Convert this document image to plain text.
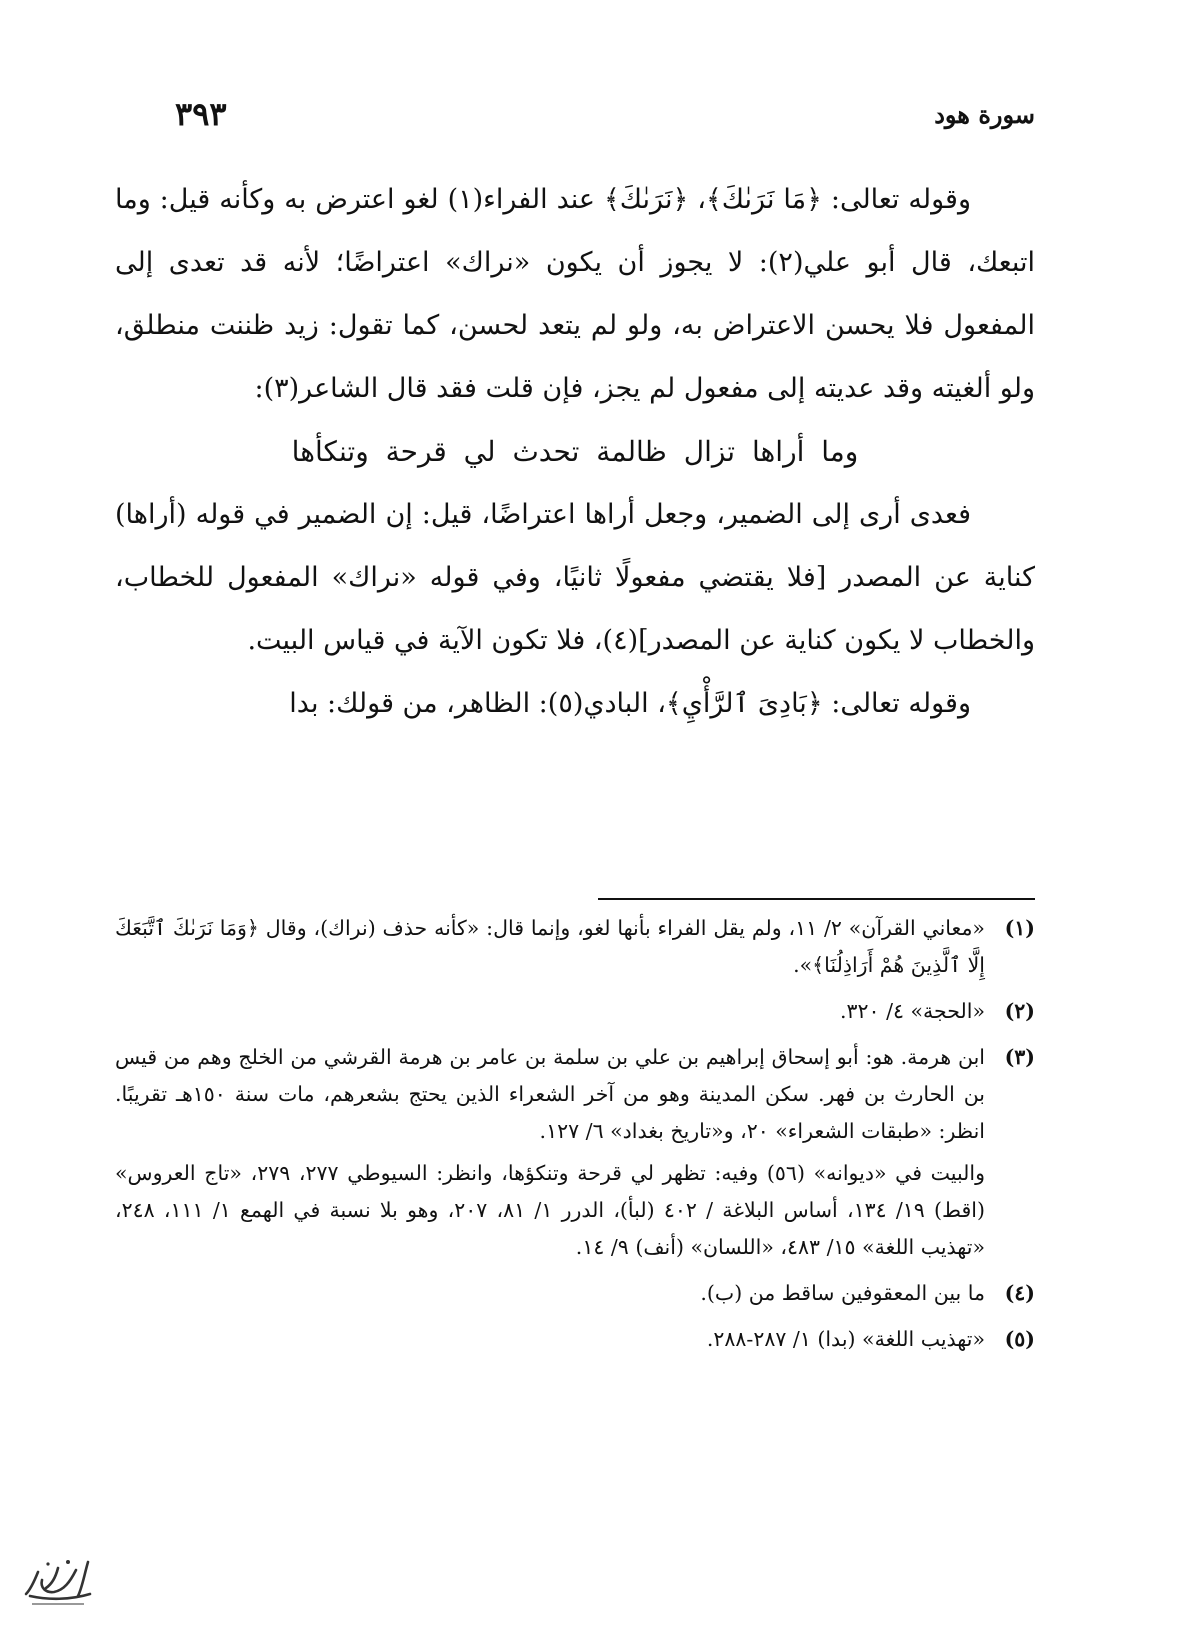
سورة هود
٣٩٣

وقوله تعالى: ﴿مَا نَرَىٰكَ﴾، ﴿نَرَىٰكَ﴾ عند الفراء(١) لغو اعترض به وكأنه قيل: وما اتبعك، قال أبو علي(٢): لا يجوز أن يكون «نراك» اعتراضًا؛ لأنه قد تعدى إلى المفعول فلا يحسن الاعتراض به، ولو لم يتعد لحسن، كما تقول: زيد ظننت منطلق، ولو ألغيته وقد عديته إلى مفعول لم يجز، فإن قلت فقد قال الشاعر(٣):

وما أراها تزال ظالمة تحدث لي قرحة وتنكأها

فعدى أرى إلى الضمير، وجعل أراها اعتراضًا، قيل: إن الضمير في قوله (أراها) كناية عن المصدر [فلا يقتضي مفعولًا ثانيًا، وفي قوله «نراك» المفعول للخطاب، والخطاب لا يكون كناية عن المصدر](٤)، فلا تكون الآية في قياس البيت.

وقوله تعالى: ﴿بَادِىَ ٱلرَّأْيِ﴾، البادي(٥): الظاهر، من قولك: بدا

(١)

«معاني القرآن» ٢/ ١١، ولم يقل الفراء بأنها لغو، وإنما قال: «كأنه حذف (نراك)، وقال ﴿وَمَا نَرَىٰكَ ٱتَّبَعَكَ إِلَّا ٱلَّذِينَ هُمْ أَرَاذِلُنَا﴾».

(٢)

«الحجة» ٤/ ٣٢٠.

(٣)

ابن هرمة. هو: أبو إسحاق إبراهيم بن علي بن سلمة بن عامر بن هرمة القرشي من الخلج وهم من قيس بن الحارث بن فهر. سكن المدينة وهو من آخر الشعراء الذين يحتج بشعرهم، مات سنة ١٥٠هـ تقريبًا. انظر: «طبقات الشعراء» ٢٠، و«تاريخ بغداد» ٦/ ١٢٧.

والبيت في «ديوانه» (٥٦) وفيه: تظهر لي قرحة وتنكؤها، وانظر: السيوطي ٢٧٧، ٢٧٩، «تاج العروس» (اقط) ١٩/ ١٣٤، أساس البلاغة / ٤٠٢ (لبأ)، الدرر ١/ ٨١، ٢٠٧، وهو بلا نسبة في الهمع ١/ ١١١، ٢٤٨، «تهذيب اللغة» ١٥/ ٤٨٣، «اللسان» (أنف) ٩/ ١٤.

(٤)

ما بين المعقوفين ساقط من (ب).

(٥)

«تهذيب اللغة» (بدا) ١/ ٢٨٧-٢٨٨.
